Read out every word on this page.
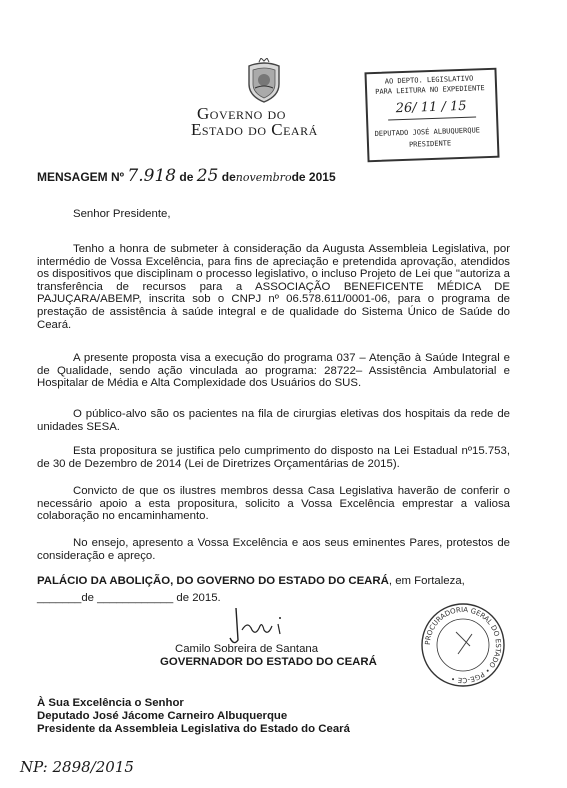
Governo do
Estado do Ceará
AO DEPTO. LEGISLATIVO
PARA LEITURA NO EXPEDIENTE
26/ 11 / 15
DEPUTADO JOSÉ ALBUQUERQUE
PRESIDENTE
MENSAGEM Nº 7.918 de 25 denovembrode 2015
Senhor Presidente,
Tenho a honra de submeter à consideração da Augusta Assembleia Legislativa, por intermédio de Vossa Excelência, para fins de apreciação e pretendida aprovação, atendidos os dispositivos que disciplinam o processo legislativo, o incluso Projeto de Lei que "autoriza a transferência de recursos para a ASSOCIAÇÃO BENEFICENTE MÉDICA DE PAJUÇARA/ABEMP, inscrita sob o CNPJ nº 06.578.611/0001-06, para o programa de prestação de assistência à saúde integral e de qualidade do Sistema Único de Saúde do Ceará.
A presente proposta visa a execução do programa 037 – Atenção à Saúde Integral e de Qualidade, sendo ação vinculada ao programa: 28722– Assistência Ambulatorial e Hospitalar de Média e Alta Complexidade dos Usuários do SUS.
O público-alvo são os pacientes na fila de cirurgias eletivas dos hospitais da rede de unidades SESA.
Esta propositura se justifica pelo cumprimento do disposto na Lei Estadual nº15.753, de 30 de Dezembro de 2014 (Lei de Diretrizes Orçamentárias de 2015).
Convicto de que os ilustres membros dessa Casa Legislativa haverão de conferir o necessário apoio a esta propositura, solicito a Vossa Excelência emprestar a valiosa colaboração no encaminhamento.
No ensejo, apresento a Vossa Excelência e aos seus eminentes Pares, protestos de consideração e apreço.
PALÁCIO DA ABOLIÇÃO, DO GOVERNO DO ESTADO DO CEARÁ, em Fortaleza,
_______de ____________ de 2015.
Camilo Sobreira de Santana
GOVERNADOR DO ESTADO DO CEARÁ
PROCURADORIA GERAL DO ESTADO • PGE-CE •
À Sua Excelência o Senhor
Deputado José Jácome Carneiro Albuquerque
Presidente da Assembleia Legislativa do Estado do Ceará
NP: 2898/2015
